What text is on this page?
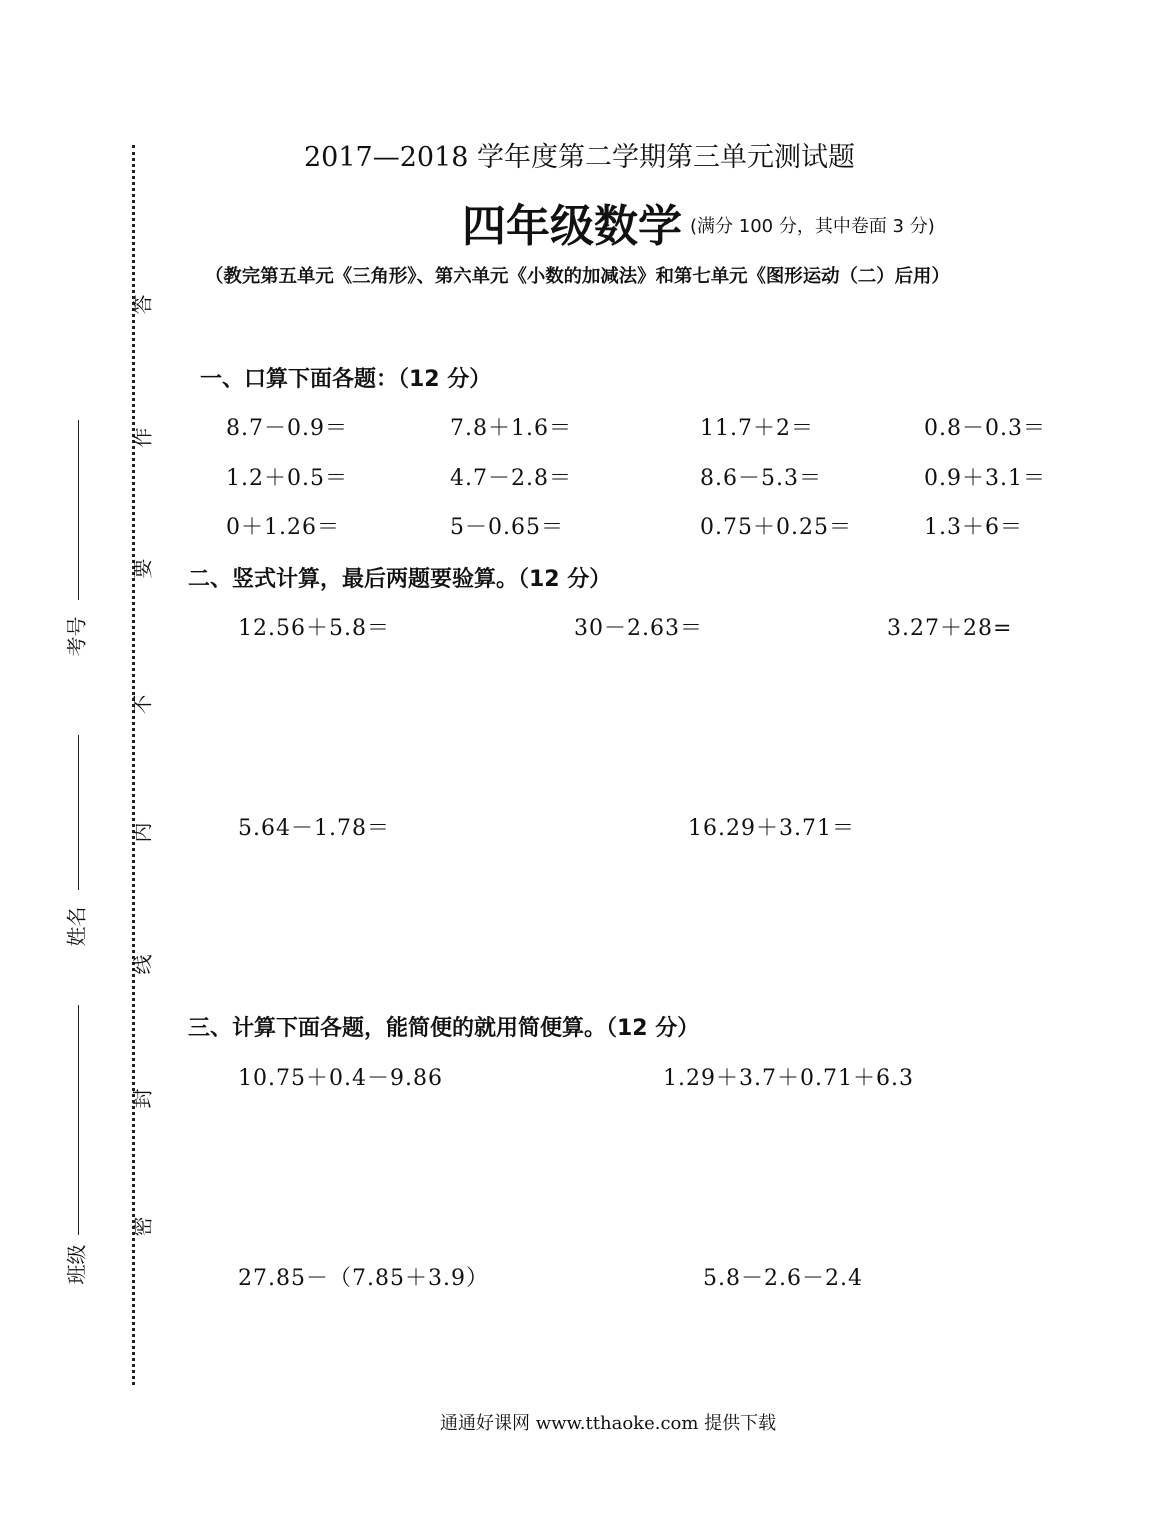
答
作
要
不
内
线
封
密
考号
姓名
班级
2017—2018 学年度第二学期第三单元测试题
四年级数学 (满分 100 分，其中卷面 3 分)
（教完第五单元《三角形》、第六单元《小数的加减法》和第七单元《图形运动（二）后用）
一、口算下面各题：（12 分）
8.7－0.9＝	7.8＋1.6＝	11.7＋2＝	0.8－0.3＝
1.2＋0.5＝	4.7－2.8＝	8.6－5.3＝	0.9＋3.1＝
0＋1.26＝	5－0.65＝	0.75＋0.25＝	1.3＋6＝
二、竖式计算，最后两题要验算。（12 分）
12.56＋5.8＝	30－2.63＝	3.27＋28=
5.64－1.78＝	16.29＋3.71＝
三、计算下面各题，能简便的就用简便算。（12 分）
10.75＋0.4－9.86	1.29＋3.7＋0.71＋6.3
27.85－（7.85＋3.9）	5.8－2.6－2.4
通通好课网 www.tthaoke.com 提供下载
